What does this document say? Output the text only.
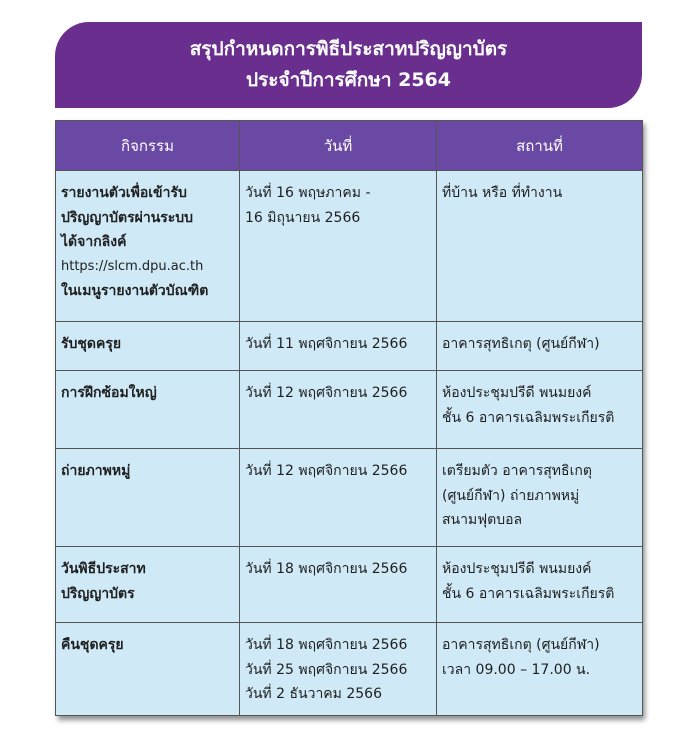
สรุปกำหนดการพิธีประสาทปริญญาบัตร
ประจำปีการศึกษา 2564
กิจกรรม	วันที่	สถานที่

รายงานตัวเพื่อเข้ารับ
ปริญญาบัตรผ่านระบบ
ได้จากลิงค์
https://slcm.dpu.ac.th
ในเมนูรายงานตัวบัณฑิต	วันที่ 16 พฤษภาคม -
16 มิถุนายน 2566	ที่บ้าน หรือ ที่ทำงาน

รับชุดครุย	วันที่ 11 พฤศจิกายน 2566	อาคารสุทธิเกตุ (ศูนย์กีฬา)

การฝึกซ้อมใหญ่	วันที่ 12 พฤศจิกายน 2566	ห้องประชุมปรีดี พนมยงค์
ชั้น 6 อาคารเฉลิมพระเกียรติ

ถ่ายภาพหมู่	วันที่ 12 พฤศจิกายน 2566	เตรียมตัว อาคารสุทธิเกตุ
(ศูนย์กีฬา) ถ่ายภาพหมู่
สนามฟุตบอล

วันพิธีประสาท
ปริญญาบัตร	วันที่ 18 พฤศจิกายน 2566	ห้องประชุมปรีดี พนมยงค์
ชั้น 6 อาคารเฉลิมพระเกียรติ

คืนชุดครุย	วันที่ 18 พฤศจิกายน 2566
วันที่ 25 พฤศจิกายน 2566
วันที่ 2 ธันวาคม 2566	อาคารสุทธิเกตุ (ศูนย์กีฬา)
เวลา 09.00 – 17.00 น.
